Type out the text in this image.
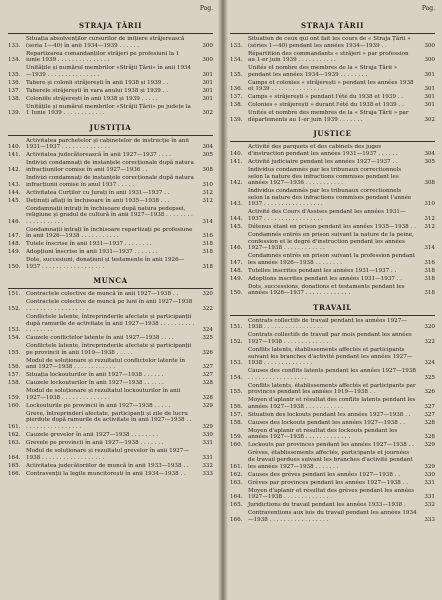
Pag.
STRAJA ȚĂRII
133.
Situația absolvenților cursurilor de inițiere străjerească (seria 1—40) în anii 1934—1939 . . . . . .	300
134.
Repartizarea comandanților străjeri pe profesiuni la 1 iunie 1939 . . . . . . . . . . . . . . .	300
135.
Unitățile și numărul membrilor «Străjii Țării» în anii 1934—1939 . . . . . . . . . . . . . . .	301
136. Tabere și colonii străjerești în anii 1938 și 1939 . .	301
137. Taberele străjerești în vara anului 1938 și 1939 . .	301
138. Coloniile străjerești în anii 1938 și 1939 . . . . .	301
139.
Unitățile și numărul membrilor «Străjii Țării» pe județe la 1 Iunie 1939 . . . . . . . . . . . .	302
JUSTIȚIA
140.
Activitatea parchetelor și cabinetelor de instrucție în anii 1931—1937 . . . . . . . . . . . . . .	304
141. Activitatea judecătorească în anii 1927—1937 . . . .	305
142.
Indivizi condamnați de instanțele corecționale după natura infracțiunilor comise în anii 1927—1936 . .	308
143.
Indivizi condamnați de instanțele corecționale după natura infracțiunii comise în anul 1937 . . . . .	310
144. Activitatea Curților cu Jurați în anii 1931—1937 . .	312
145. Deținuți aflați în închisoare în anii 1935—1938 . . .	312
146.
Condamnații intrați în închisoare după natura pedepsei, religiune și gradul de cultură în anii 1927—1938 . . . . . . . . . . . . . . . . . . .	314
147.
Condamnații intrați în închisoare repartizați pe profesiune în anii 1926—1938 . . . . . . . . . . .	316
148. Tutele înscrise în anii 1931—1937 . . . . . . . .	318
149. Adopțiuni înscrise în anii 1931—1937 . . . . . . .	318
150.
Dote, succesiuni, donațiuni și testamente în anii 1926—1937 . . . . . . . . . . . . . . . . . .	318
MUNCA
151. Contractele colective de muncă în anii 1927—1938 . .	320
152.
Contractele colective de muncă pe luni în anii 1927—1938 . . . . . . . . . . . . . . . . . .	322
153.
Conflictele latente, întreprinderile afectate și participanții după ramurile de activitate în anii 1927—1938 . . . . . . . . . . . . . . . . . .	324
154. Cauzele conflictelor latente în anii 1927—1938 . . . .	325
155.
Conflictele latente, întreprinderile afectate și participanții pe provincii în anii 1919—1938 . . . . .	326
156.
Modul de soluționare și rezultatul conflictelor latente în anii 1927—1938 . . . . . . . . . . . .	327
157. Situația lockouturilor în anii 1927—1938 . . . . . .	327
158. Cauzele lockouturilor în anii 1927—1938 . . . . . .	328
159.
Modul de soluționare și rezultatul lockouturilor în anii 1927—1938 . . . . . . . . . . . . . .	328
160. Lockouturile pe provincii în anii 1927—1938 . . . . .	329
161.
Greve, întreprinderi afectate, participanți și zile de lucru pierdute după ramurile de activitate în anii 1927—1938 . . . . . . . . . . . . . . . . . .	329
162. Cauzele grevelor în anii 1927—1938 . . . . . . . .	330
163. Grevele pe provincii în anii 1927—1938 . . . . . . .	331
164.
Modul de soluționare și rezultatul grevelor în anii 1927—1938 . . . . . . . . . . . . . . . . . .	331
165. Activitatea judecătoriilor de muncă în anii 1933—1938 . .	332
166. Contravenții la legile muncitorești în anii 1934—1938 . .	333
Pag.
STRAJA ȚĂRII
133.
Situation de ceux qui ont fait les cours de « Straja Țării » (séries 1—40) pendant les années 1934—1939 . .	300
134.
Répartition des commandants « străjeri » par profession au 1-er juin 1939 . . . . . . . . . . .	300
135.
Unités et nombre des membres de la « Straja Țării » pendant les années 1934—1939 . . . . . . . .	301
136.
Camps et colonies « străjerești » pendant les années 1938 et 1939 . . . . . . . . . . . . . . .	301
137. Camps « străjerești » pendant l'été du 1938 et 1939 . .	301
138. Colonies « străjerești » durant l'été du 1938 et 1939 . .	301
139.
Unités et nombre des membres de la « Straja Țării » par départements au 1-er juin 1939 . . . . . . .	302
JUSTICE
140.
Activité des parquets et des cabinets des juges d'instruction pendant les années 1931—1937 . . . . . .	304
141. Activité judiciaire pendant les années 1927—1937 . .	305
142.
Individus condamnés par les tribunaux correctionnels selon la nature des infractions commises pendant les années 1927—1936 . . . . . . . . . . .	308
143.
Individus condamnés par les tribunaux correctionnels selon la nature des infractions commises pendant l'année 1937 . . . . . . . . . . . . . . . . .	310
144.
Activité des Cours d'Assises pendant les années 1931—1937 . . . . . . . . . . . . . . . . .	312
145. Détenus étant en prison pendant les années 1935—1938 . .	312
146.
Condamnés entrés en prison suivant la nature de la peine, confession et le degré d'instruction pendant les années 1927—1938 . . . . . . . . . . . .	314
147.
Condamnés entrés en prison suivant la profession pendant les années 1926—1938 . . . . . . . .	316
148. Tutelles inscrites pendant les années 1931—1937 . .	318
149. Adoptions inscrites pendant les années 1931—1937 . .	318
150.
Dots, successions, donations et testaments pendant les années 1926—1937 . . . . . . . . . . . . .	318
TRAVAIL
151.
Contrats collectifs de travail pendant les années 1927—1938 . . . . . . . . . . . . . . . . .	320
152.
Contrats collectifs de travail par mois pendant les années 1927—1938 . . . . . . . . . . . . . .	322
153.
Conflits latents, établissements affectés et participants suivant les branches d'activité pendant les années 1927—1938 . . . . . . . . . . . . . .	324
154.
Causes des conflits latents pendant les années 1927—1938 . . . . . . . . . . . . . . . . .	325
155.
Conflits latents, établissements affectés et participants par provinces pendant les années 1919—1938 . .	326
156.
Moyen d'aplanir et résultat des conflits latents pendant les années 1927—1938 . . . . . . . . . . .	327
157. Situation des lockouts pendant les années 1927—1938 . .	327
158. Causes des lockouts pendant les années 1927—1938 . .	328
159.
Moyen d'aplanir et résultat des lockouts pendant les années 1927—1938 . . . . . . . . . . . . .	328
160. Lockouts par provinces pendant les années 1927—1938 . .	329
161.
Grèves, établissements affectés, participants et journées de travail perdues suivant les branches d'activité pendant les années 1927—1938 . . . . . . .	329
162. Causes des grèves pendant les années 1927—1938 . .	330
163. Grèves par provinces pendant les années 1927—1938 . .	331
164.
Moyen d'aplanir et résultat des grèves pendant les années 1927—1938 . . . . . . . . . . . . . .	331
165. Juridictions du travail pendant les années 1933—1938 .	332
166.
Contraventions aux lois du travail pendant les années 1934—1938 . . . . . . . . . . . . . . . . .	333
